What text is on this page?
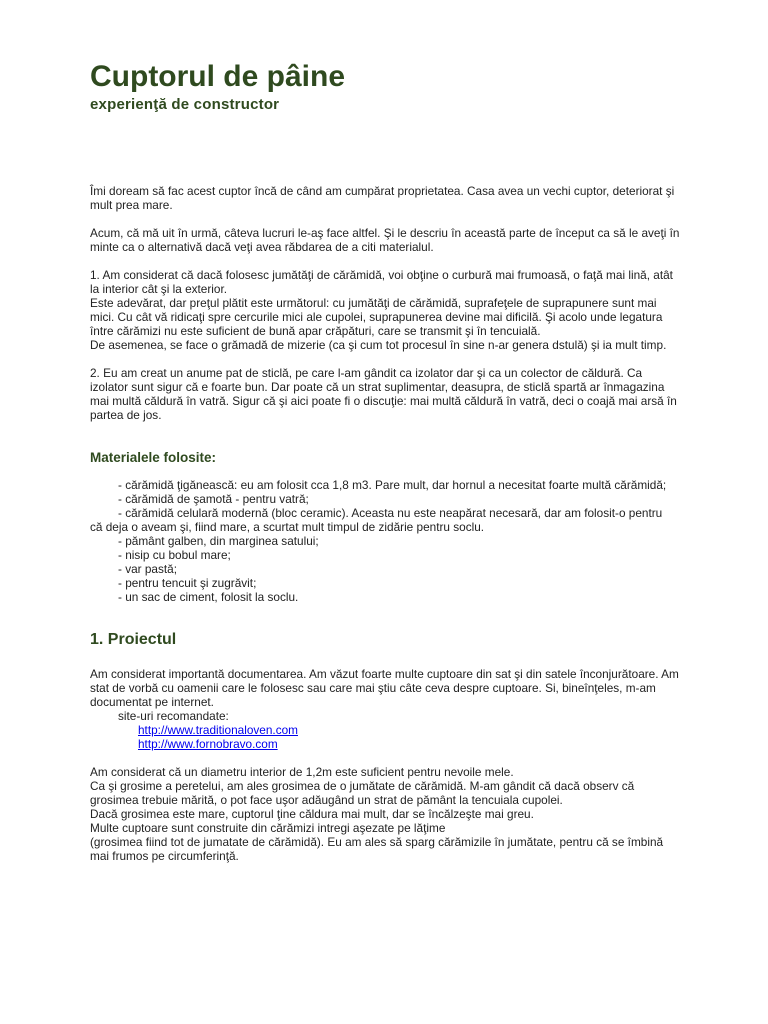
Cuptorul de pâine
experienţă de constructor

Îmi doream să fac acest cuptor încă de când am cumpărat proprietatea. Casa avea un vechi cuptor, deteriorat şi mult prea mare.

Acum, că mă uit în urmă, câteva lucruri le-aş face altfel. Şi le descriu în această parte de început ca să le aveţi în minte ca o alternativă dacă veţi avea răbdarea de a citi materialul.

1. Am considerat că dacă folosesc jumătăţi de cărămidă, voi obţine o curbură mai frumoasă, o faţă mai lină, atât la interior cât şi la exterior.

Este adevărat, dar preţul plătit este următorul: cu jumătăţi de cărămidă, suprafeţele de suprapunere sunt mai mici. Cu cât vă ridicaţi spre cercurile mici ale cupolei, suprapunerea devine mai dificilă. Şi acolo unde legatura între cărămizi nu este suficient de bună apar crăpături, care se transmit şi în tencuială.

De asemenea, se face o grămadă de mizerie (ca şi cum tot procesul în sine n-ar genera dstulă) şi ia mult timp.

2. Eu am creat un anume pat de sticlă, pe care l-am gândit ca izolator dar şi ca un colector de căldură. Ca izolator sunt sigur că e foarte bun. Dar poate că un strat suplimentar, deasupra, de sticlă spartă ar înmagazina mai multă căldură în vatră. Sigur că şi aici poate fi o discuţie: mai multă căldură în vatră, deci o coajă mai arsă în partea de jos.

Materialele folosite:
- cărămidă ţigănească: eu am folosit cca 1,8 m3. Pare mult, dar hornul a necesitat foarte multă cărămidă;
- cărămidă de şamotă - pentru vatră;
- cărămidă celulară modernă (bloc ceramic). Aceasta nu este neapărat necesară, dar am folosit-o pentru
că deja o aveam şi, fiind mare, a scurtat mult timpul de zidărie pentru soclu.
- pământ galben, din marginea satului;
- nisip cu bobul mare;
- var pastă;
- pentru tencuit şi zugrăvit;
- un sac de ciment, folosit la soclu.
1. Proiectul

Am considerat importantă documentarea. Am văzut foarte multe cuptoare din sat şi din satele înconjurătoare. Am stat de vorbă cu oamenii care le folosesc sau care mai ştiu câte ceva despre cuptoare. Si, bineînţeles, m-am documentat pe internet.

site-uri recomandate:

http://www.traditionaloven.com
http://www.fornobravo.com

Am considerat că un diametru interior de 1,2m este suficient pentru nevoile mele.

Ca şi grosime a peretelui, am ales grosimea de o jumătate de cărămidă. M-am gândit că dacă observ că grosimea trebuie mărită, o pot face uşor adăugând un strat de pământ la tencuiala cupolei.

Dacă grosimea este mare, cuptorul ţine căldura mai mult, dar se încălzeşte mai greu.

Multe cuptoare sunt construite din cărămizi intregi aşezate pe lăţime

(grosimea fiind tot de jumatate de cărămidă). Eu am ales să sparg cărămizile în jumătate, pentru că se îmbină mai frumos pe circumferinţă.
